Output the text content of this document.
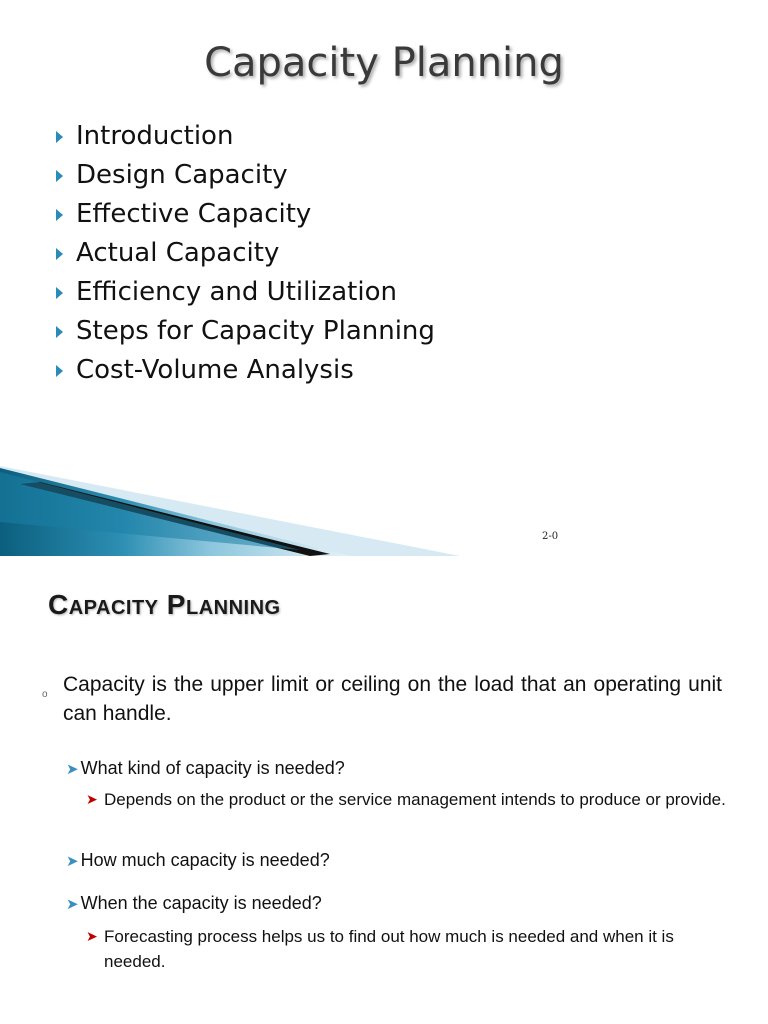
Capacity Planning
Introduction
Design Capacity
Effective Capacity
Actual Capacity
Efficiency and Utilization
Steps for Capacity Planning
Cost-Volume Analysis
2-0
Capacity Planning
o Capacity is the upper limit or ceiling on the load that an operating unit can handle.
➤ What kind of capacity is needed?
➤ Depends on the product or the service management intends to produce or provide.
➤ How much capacity is needed?
➤ When the capacity is needed?
➤ Forecasting process helps us to find out how much is needed and when it is needed.
